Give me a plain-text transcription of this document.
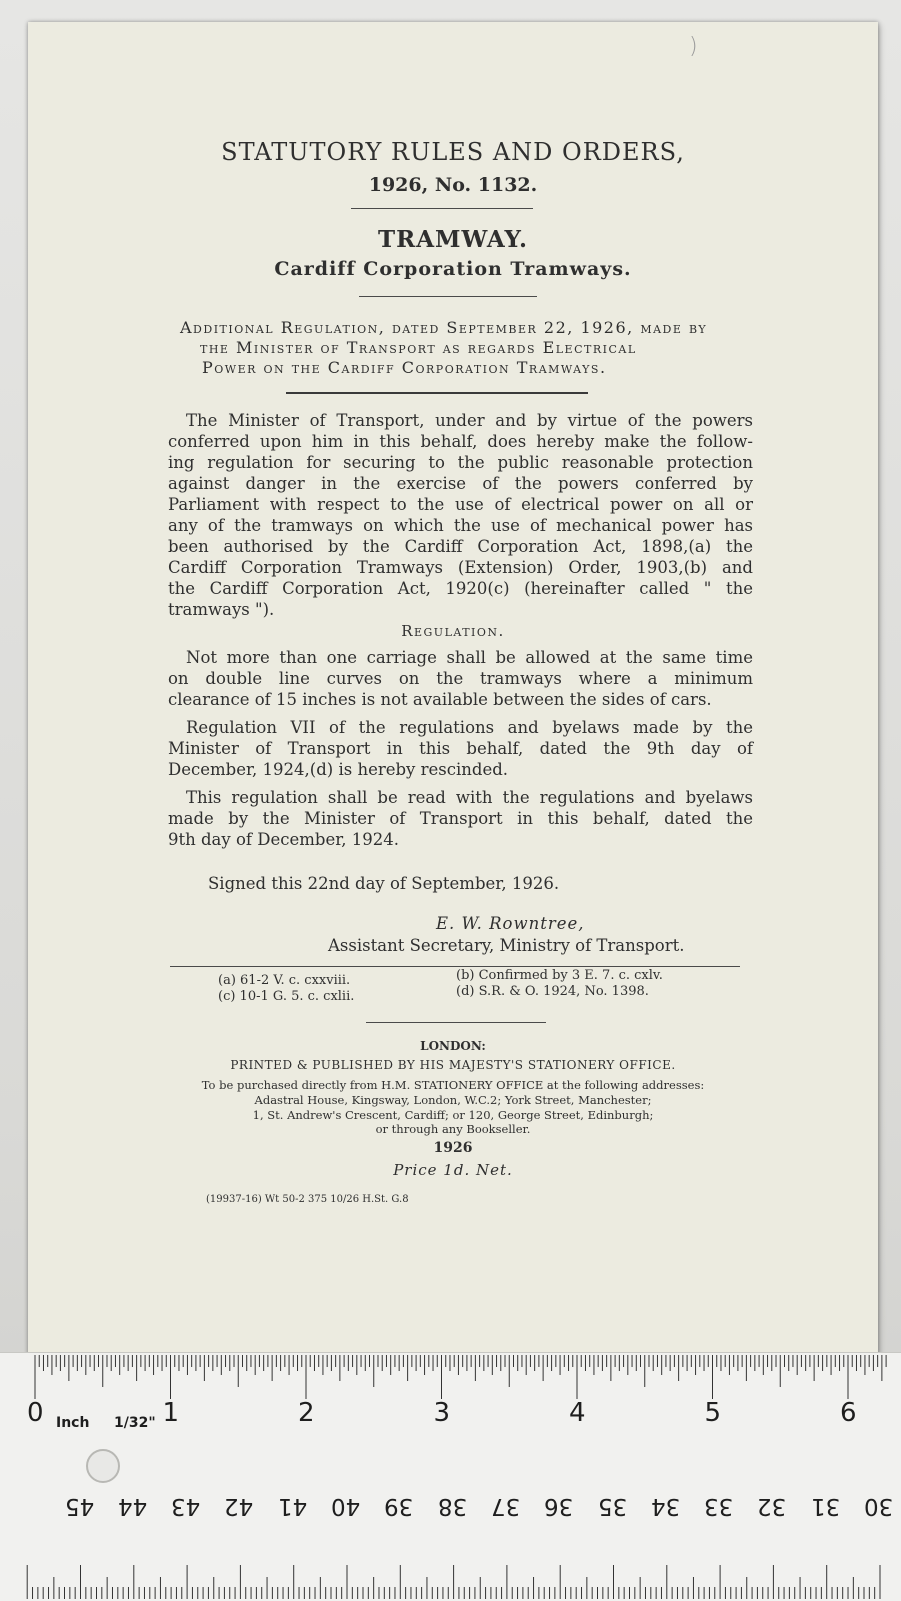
)
STATUTORY RULES AND ORDERS,
1926, No. 1132.
TRAMWAY.
Cardiff Corporation Tramways.
Additional Regulation, dated September 22, 1926, made by
the Minister of Transport as regards Electrical
Power on the Cardiff Corporation Tramways.
The Minister of Transport, under and by virtue of the powers
conferred upon him in this behalf, does hereby make the follow-
ing regulation for securing to the public reasonable protection
against danger in the exercise of the powers conferred by
Parliament with respect to the use of electrical power on all or
any of the tramways on which the use of mechanical power has
been authorised by the Cardiff Corporation Act, 1898,(a) the
Cardiff Corporation Tramways (Extension) Order, 1903,(b) and
the Cardiff Corporation Act, 1920(c) (hereinafter called " the
tramways ").
Regulation.
Not more than one carriage shall be allowed at the same time
on double line curves on the tramways where a minimum
clearance of 15 inches is not available between the sides of cars.
Regulation VII of the regulations and byelaws made by the
Minister of Transport in this behalf, dated the 9th day of
December, 1924,(d) is hereby rescinded.
This regulation shall be read with the regulations and byelaws
made by the Minister of Transport in this behalf, dated the
9th day of December, 1924.
Signed this 22nd day of September, 1926.
E. W. Rowntree,
Assistant Secretary, Ministry of Transport.
(a) 61-2 V. c. cxxviii.	(b) Confirmed by 3 E. 7. c. cxlv.
(c) 10-1 G. 5. c. cxlii.	(d) S.R. & O. 1924, No. 1398.
LONDON:
PRINTED & PUBLISHED BY HIS MAJESTY'S STATIONERY OFFICE.
To be purchased directly from H.M. STATIONERY OFFICE at the following addresses:
Adastral House, Kingsway, London, W.C.2; York Street, Manchester;
1, St. Andrew's Crescent, Cardiff; or 120, George Street, Edinburgh;
or through any Bookseller.
1926
Price 1d. Net.
(19937-16) Wt 50-2 375 10/26 H.St. G.8
Inch 1/32"
0	1	2	3	4	5	6
45 44 43 42 41 40 39 38 37 36 35 34 33 32 31 30
